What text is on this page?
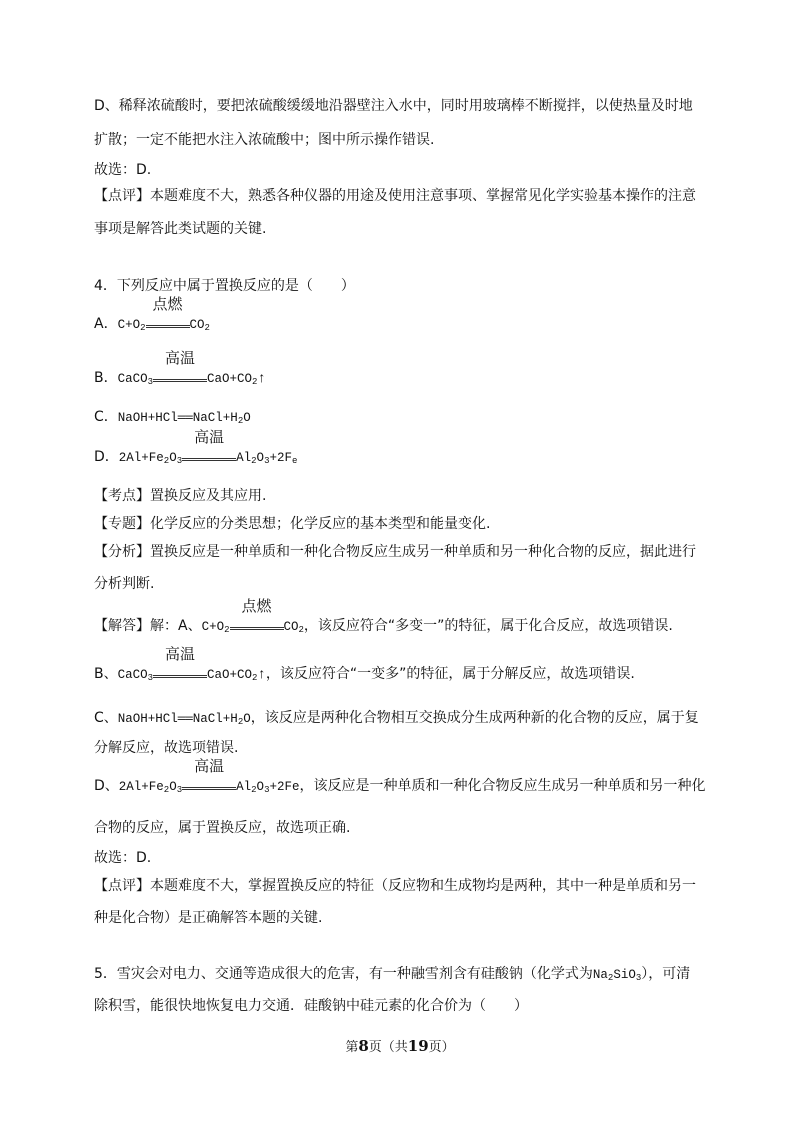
D、稀释浓硫酸时，要把浓硫酸缓缓地沿器壁注入水中，同时用玻璃棒不断搅拌，以使热量及时地
扩散；一定不能把水注入浓硫酸中；图中所示操作错误.
故选：D.
【点评】本题难度不大，熟悉各种仪器的用途及使用注意事项、掌握常见化学实验基本操作的注意
事项是解答此类试题的关键.
4．下列反应中属于置换反应的是（　　）
A．$C+O_2$
点燃
$CO_2$
B．CaCO$_3$
高温
$CaO+CO_2↑$
C．$NaOH+HCl══NaCl+H_2O$
D．$2Al+Fe_2O_3$
高温
$Al_2O_3+2F_e$
【考点】置换反应及其应用.
【专题】化学反应的分类思想；化学反应的基本类型和能量变化.
【分析】置换反应是一种单质和一种化合物反应生成另一种单质和另一种化合物的反应，据此进行
分析判断.
【解答】解：A、$C+O_2$
点燃
$CO_2$，该反应符合“多变一”的特征，属于化合反应，故选项错误.
B、CaCO$_3$
高温
$CaO+CO_2↑$，该反应符合“一变多”的特征，属于分解反应，故选项错误.
C、$NaOH+HCl══NaCl+H_2O$，该反应是两种化合物相互交换成分生成两种新的化合物的反应，属于复
分解反应，故选项错误.
D、$2Al+Fe_2O_3$
高温
$Al_2O_3+2Fe$，该反应是一种单质和一种化合物反应生成另一种单质和另一种化
合物的反应，属于置换反应，故选项正确.
故选：D.
【点评】本题难度不大，掌握置换反应的特征（反应物和生成物均是两种，其中一种是单质和另一
种是化合物）是正确解答本题的关键.
5．雪灾会对电力、交通等造成很大的危害，有一种融雪剂含有硅酸钠（化学式为$Na_2SiO_3$），可清
除积雪，能很快地恢复电力交通．硅酸钠中硅元素的化合价为（　　）
第8页（共19页）
